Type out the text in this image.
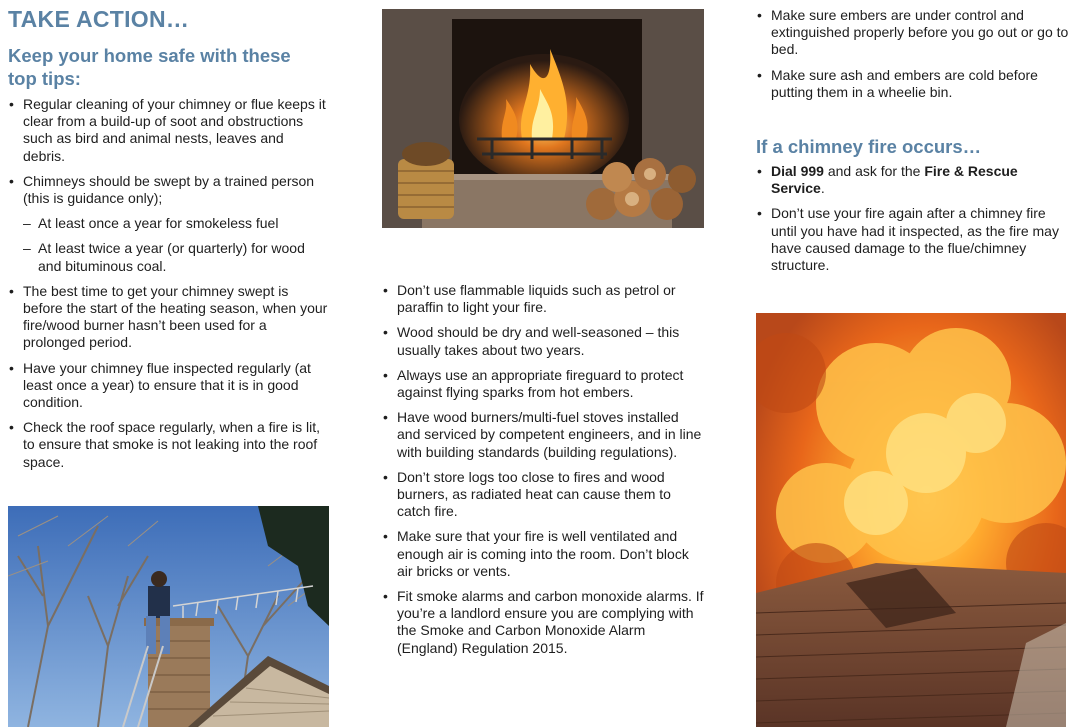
TAKE ACTION…
Keep your home safe with these
top tips:
• Regular cleaning of your chimney or flue keeps it clear from a build-up of soot and obstructions such as bird and animal nests, leaves and debris.
• Chimneys should be swept by a trained person (this is guidance only);
– At least once a year for smokeless fuel
– At least twice a year (or quarterly) for wood and bituminous coal.
• The best time to get your chimney swept is before the start of the heating season, when your fire/wood burner hasn’t been used for a prolonged period.
• Have your chimney flue inspected regularly (at least once a year) to ensure that it is in good condition.
• Check the roof space regularly, when a fire is lit, to ensure that smoke is not leaking into the roof space.
• Don’t use flammable liquids such as petrol or paraffin to light your fire.
• Wood should be dry and well-seasoned – this usually takes about two years.
• Always use an appropriate fireguard to protect against flying sparks from hot embers.
• Have wood burners/multi-fuel stoves installed and serviced by competent engineers, and in line with building standards (building regulations).
• Don’t store logs too close to fires and wood burners, as radiated heat can cause them to catch fire.
• Make sure that your fire is well ventilated and enough air is coming into the room. Don’t block air bricks or vents.
• Fit smoke alarms and carbon monoxide alarms. If you’re a landlord ensure you are complying with the Smoke and Carbon Monoxide Alarm (England) Regulation 2015.
• Make sure embers are under control and extinguished properly before you go out or go to bed.
• Make sure ash and embers are cold before putting them in a wheelie bin.
If a chimney fire occurs…
• Dial 999 and ask for the Fire & Rescue Service.
• Don’t use your fire again after a chimney fire until you have had it inspected, as the fire may have caused damage to the flue/chimney structure.
